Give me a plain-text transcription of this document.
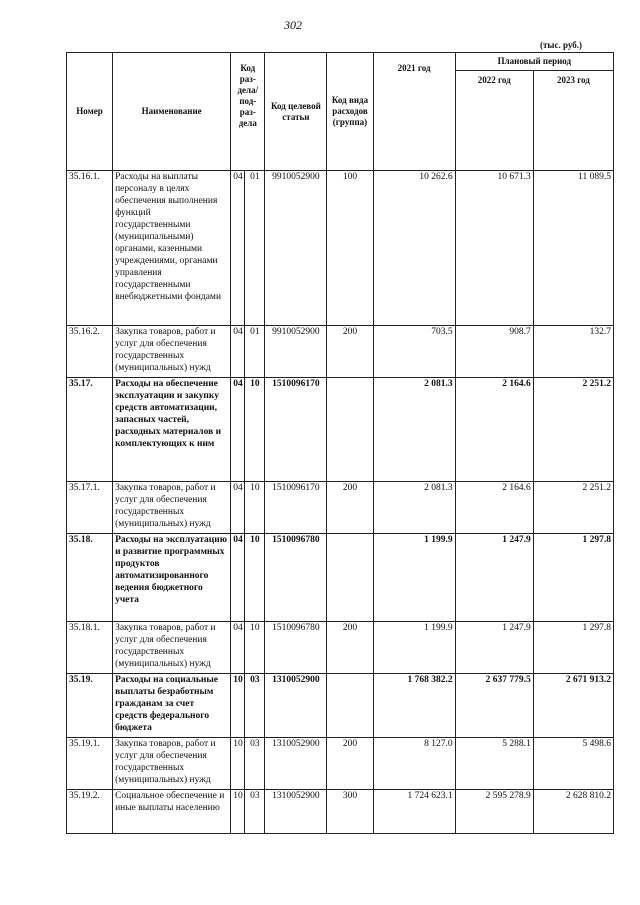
302
(тыс. руб.)
Номер	Наименование	Код раз-дела/ под-раз-дела		Код целевой статьи	Код вида расходов (группа)	2021 год	Плановый период	
							2022 год	2023 год
35.16.1.	Расходы на выплаты персоналу в целях обеспечения выполнения функций государственными (муниципальными) органами, казенными учреждениями, органами управления государственными внебюджетными фондами	04	01	9910052900	100	10 262.6	10 671.3	11 089.5
35.16.2.	Закупка товаров, работ и услуг для обеспечения государственных (муниципальных) нужд	04	01	9910052900	200	703.5	908.7	132.7
35.17.	Расходы на обеспечение эксплуатации и закупку средств автоматизации, запасных частей, расходных материалов и комплектующих к ним	04	10	1510096170		2 081.3	2 164.6	2 251.2
35.17.1.	Закупка товаров, работ и услуг для обеспечения государственных (муниципальных) нужд	04	10	1510096170	200	2 081.3	2 164.6	2 251.2
35.18.	Расходы на эксплуатацию и развитие программных продуктов автоматизированного ведения бюджетного учета	04	10	1510096780		1 199.9	1 247.9	1 297.8
35.18.1.	Закупка товаров, работ и услуг для обеспечения государственных (муниципальных) нужд	04	10	1510096780	200	1 199.9	1 247.9	1 297.8
35.19.	Расходы на социальные выплаты безработным гражданам за счет средств федерального бюджета	10	03	1310052900		1 768 382.2	2 637 779.5	2 671 913.2
35.19.1.	Закупка товаров, работ и услуг для обеспечения государственных (муниципальных) нужд	10	03	1310052900	200	8 127.0	5 288.1	5 498.6
35.19.2.	Социальное обеспечение и иные выплаты населению	10	03	1310052900	300	1 724 623.1	2 595 278.9	2 628 810.2
